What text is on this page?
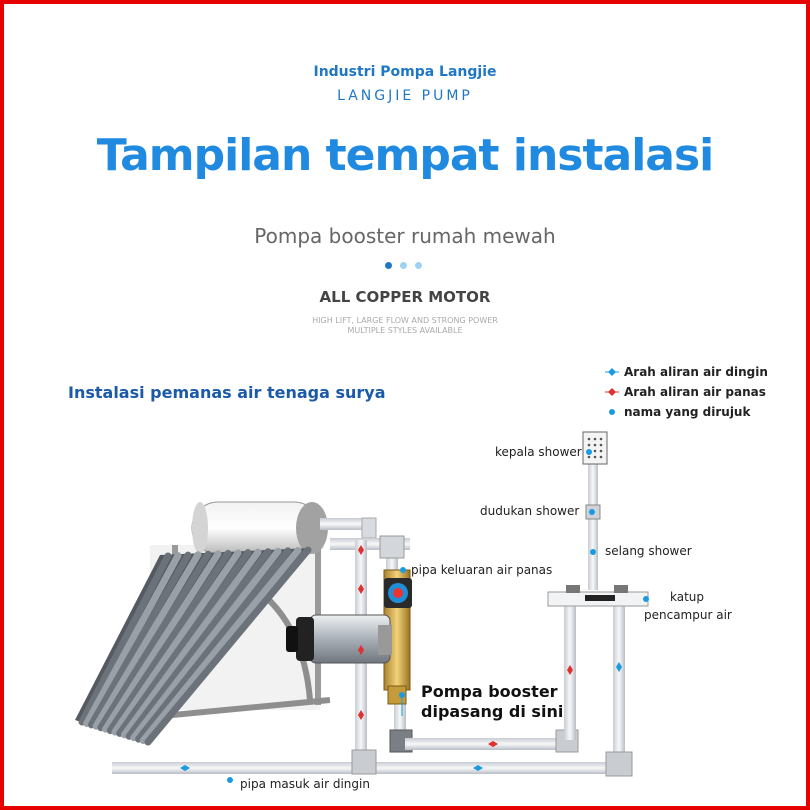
Industri Pompa Langjie
LANGJIE PUMP
Tampilan tempat instalasi
Pompa booster rumah mewah
ALL COPPER MOTOR
HIGH LIFT, LARGE FLOW AND STRONG POWER
MULTIPLE STYLES AVAILABLE
Instalasi pemanas air tenaga surya
Arah aliran air dingin
Arah aliran air panas
nama yang dirujuk
kepala shower
dudukan shower
selang shower
pipa keluaran air panas
katup
pencampur air
pipa masuk air dingin
Pompa booster
dipasang di sini
